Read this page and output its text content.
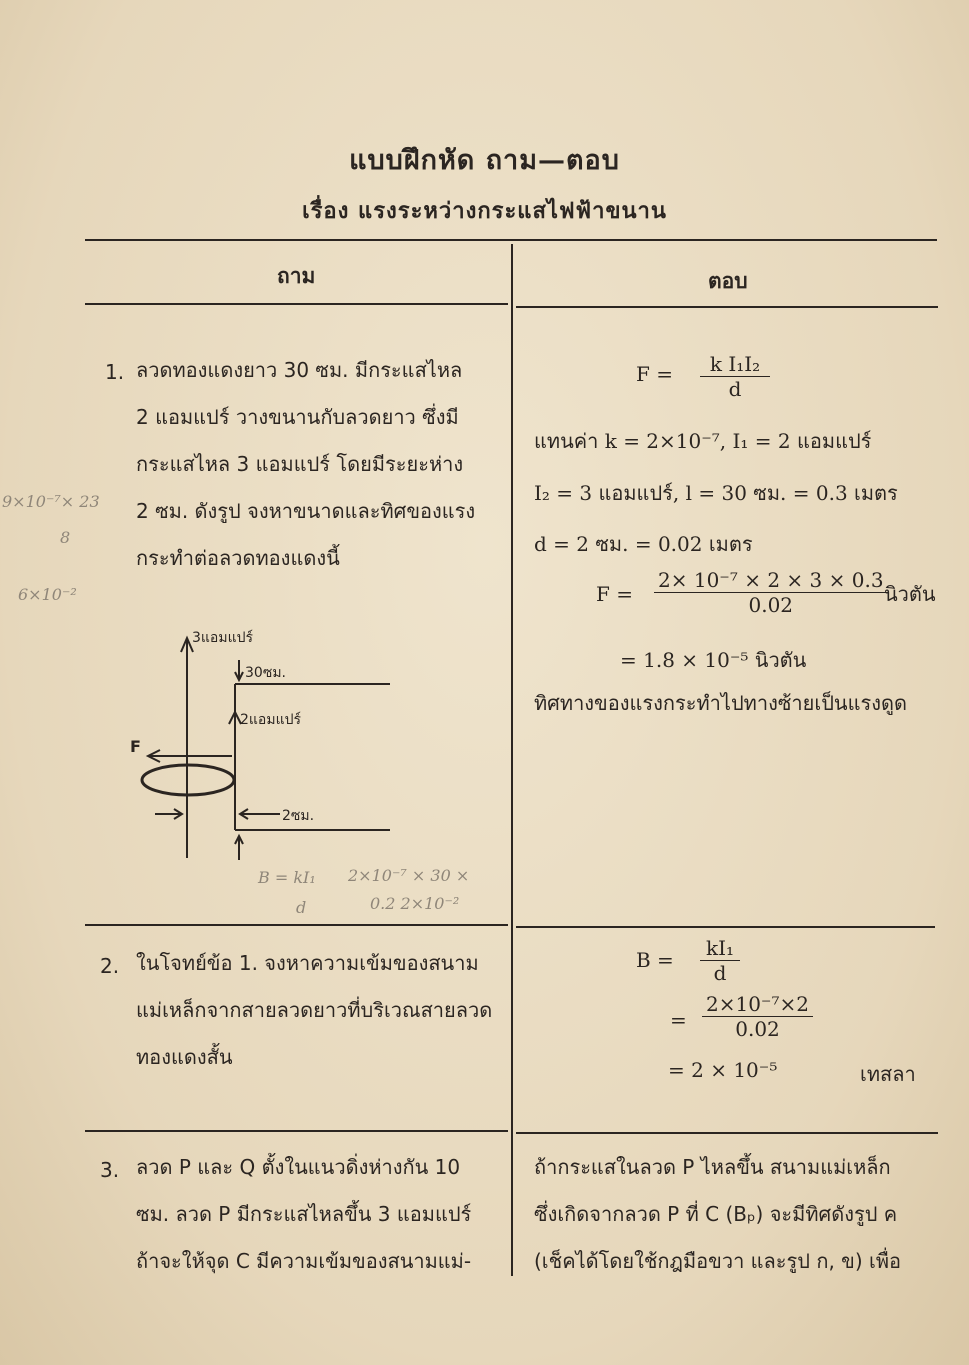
แบบฝึกหัด ถาม—ตอบ
เรื่อง แรงระหว่างกระแสไฟฟ้าขนาน
ถาม	ตอบ
1. ลวดทองแดงยาว 30 ซม. มีกระแสไหล
2 แอมแปร์ วางขนานกับลวดยาว ซึ่งมี
กระแสไหล 3 แอมแปร์ โดยมีระยะห่าง
2 ซม. ดังรูป จงหาขนาดและทิศของแรง
กระทำต่อลวดทองแดงนี้
9×10⁻⁷× 23
8
6×10⁻²
3แอมแปร์
30ซม.
2แอมแปร์
F
2ซม.
B = kI₁
d
2×10⁻⁷ × 30 ×
0.2 2×10⁻²
$F = \frac{\text{k I₁I₂}}{d}$
แทนค่า k = 2×10⁻⁷, I₁ = 2 แอมแปร์
I₂ = 3 แอมแปร์, l = 30 ซม. = 0.3 เมตร
d = 2 ซม. = 0.02 เมตร
$F = \frac{\text{2× 10⁻⁷ × 2 × 3 × 0.3}}{0.02}$
นิวตัน
= 1.8 × 10⁻⁵ นิวตัน
ทิศทางของแรงกระทำไปทางซ้ายเป็นแรงดูด
2. ในโจทย์ข้อ 1. จงหาความเข้มของสนาม
แม่เหล็กจากสายลวดยาวที่บริเวณสายลวด
ทองแดงสั้น
$B = \frac{\text{kI₁}}{d}$
= $\frac{\text{2×10⁻⁷×2}}{0.02}$
= 2 × 10⁻⁵	เทสลา
3. ลวด P และ Q ตั้งในแนวดิ่งห่างกัน 10
ซม. ลวด P มีกระแสไหลขึ้น 3 แอมแปร์
ถ้าจะให้จุด C มีความเข้มของสนามแม่-
ถ้ากระแสในลวด P ไหลขึ้น สนามแม่เหล็ก
ซึ่งเกิดจากลวด P ที่ C (Bₚ) จะมีทิศดังรูป ค
(เช็คได้โดยใช้กฎมือขวา และรูป ก, ข) เพื่อ
